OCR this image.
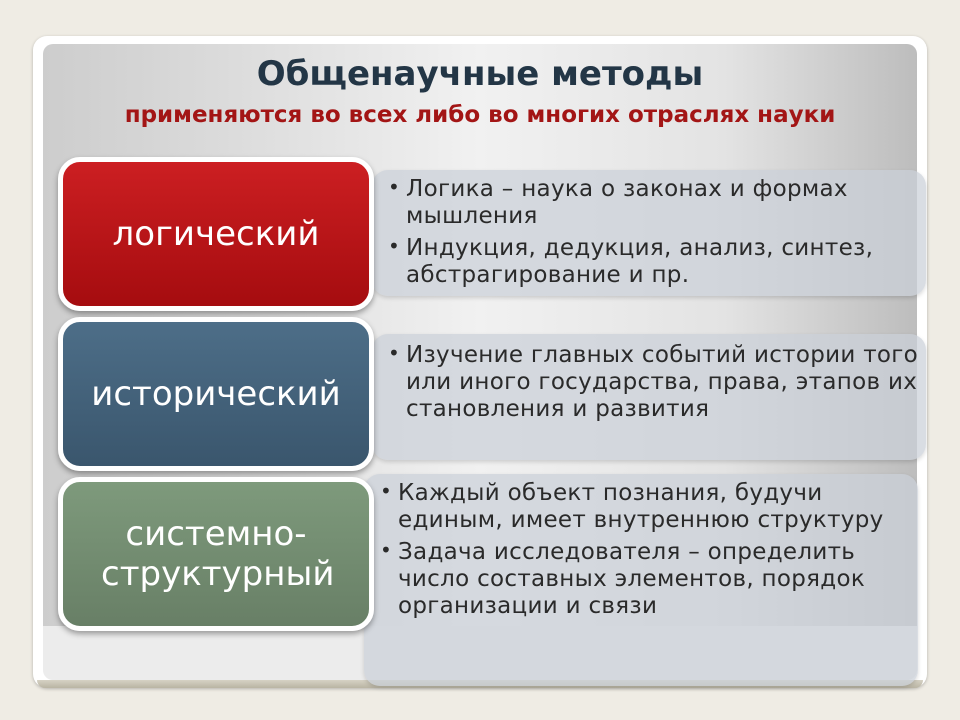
Общенаучные методы
применяются во всех либо во многих отраслях науки
• Логика – наука о законах и формах мышления
• Индукция, дедукция, анализ, синтез, абстрагирование и пр.
• Изучение главных событий истории того или иного государства, права, этапов их становления и развития
• Каждый объект познания, будучи единым, имеет внутреннюю структуру
• Задача исследователя – определить число составных элементов, порядок организации и связи
логический
исторический
системно-структурный
